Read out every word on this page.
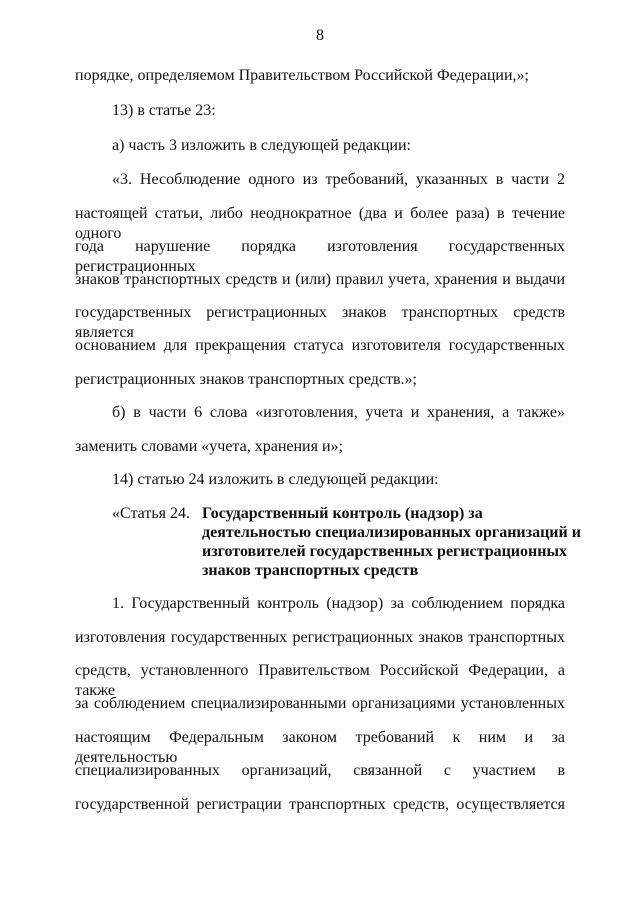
8
порядке, определяемом Правительством Российской Федерации,»;
13) в статье 23:
а) часть 3 изложить в следующей редакции:
«3. Несоблюдение одного из требований, указанных в части 2
настоящей статьи, либо неоднократное (два и более раза) в течение одного
года нарушение порядка изготовления государственных регистрационных
знаков транспортных средств и (или) правил учета, хранения и выдачи
государственных регистрационных знаков транспортных средств является
основанием для прекращения статуса изготовителя государственных
регистрационных знаков транспортных средств.»;
б) в части 6 слова «изготовления, учета и хранения, а также»
заменить словами «учета, хранения и»;
14) статью 24 изложить в следующей редакции:
«Статья 24. Государственный контроль (надзор) за
деятельностью специализированных организаций и
изготовителей государственных регистрационных
знаков транспортных средств
1. Государственный контроль (надзор) за соблюдением порядка
изготовления государственных регистрационных знаков транспортных
средств, установленного Правительством Российской Федерации, а также
за соблюдением специализированными организациями установленных
настоящим Федеральным законом требований к ним и за деятельностью
специализированных организаций, связанной с участием в
государственной регистрации транспортных средств, осуществляется
